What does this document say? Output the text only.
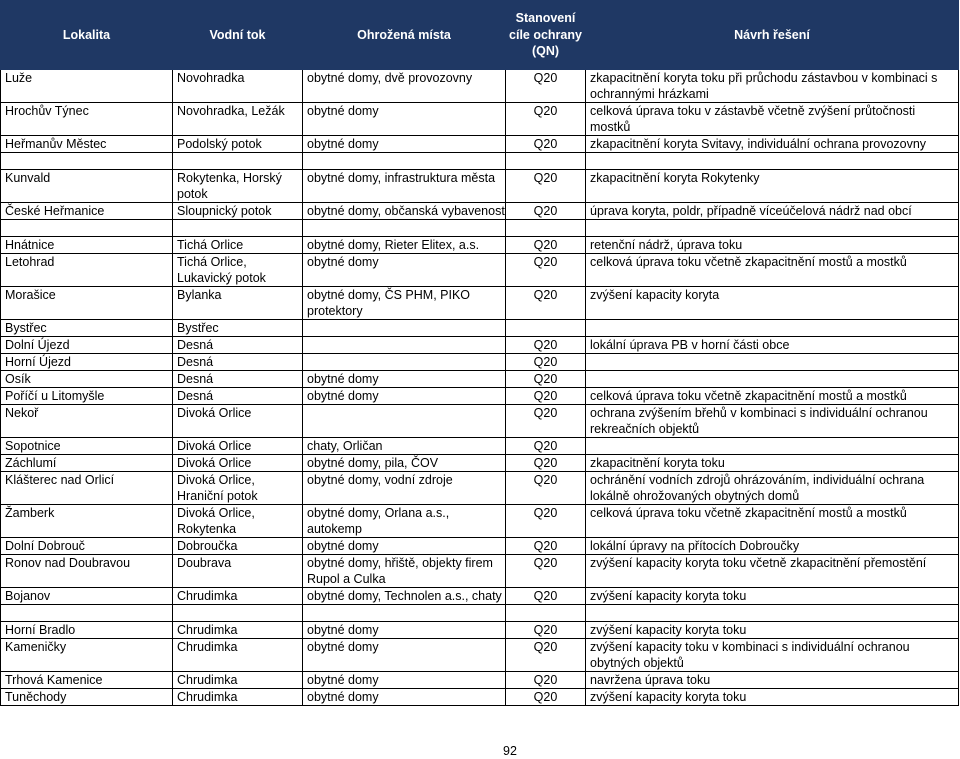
Lokalita	Vodní tok	Ohrožená místa	Stanovení
cíle ochrany
(QN)	Návrh řešení
Luže	Novohradka	obytné domy, dvě provozovny	Q20	zkapacitnění koryta toku při průchodu zástavbou v kombinaci s
ochrannými hrázkami
Hrochův Týnec	Novohradka, Ležák	obytné domy	Q20	celková úprava toku v zástavbě včetně zvýšení průtočnosti
mostků
Heřmanův Městec	Podolský potok	obytné domy	Q20	zkapacitnění koryta Svitavy, individuální ochrana provozovny

Kunvald	Rokytenka, Horský
potok	obytné domy, infrastruktura města	Q20	zkapacitnění koryta Rokytenky
České Heřmanice	Sloupnický potok	obytné domy, občanská vybavenost	Q20	úprava koryta, poldr, případně víceúčelová nádrž nad obcí

Hnátnice	Tichá Orlice	obytné domy, Rieter Elitex, a.s.	Q20	retenční nádrž, úprava toku
Letohrad	Tichá Orlice,
Lukavický potok	obytné domy	Q20	celková úprava toku včetně zkapacitnění mostů a mostků
Morašice	Bylanka	obytné domy, ČS PHM, PIKO
protektory	Q20	zvýšení kapacity koryta
Bystřec	Bystřec			
Dolní Újezd	Desná		Q20	lokální úprava PB v horní části obce
Horní Újezd	Desná		Q20	
Osík	Desná	obytné domy	Q20	
Poříčí u Litomyšle	Desná	obytné domy	Q20	celková úprava toku včetně zkapacitnění mostů a mostků
Nekoř	Divoká Orlice		Q20	ochrana zvýšením břehů v kombinaci s individuální ochranou
rekreačních objektů
Sopotnice	Divoká Orlice	chaty, Orličan	Q20	
Záchlumí	Divoká Orlice	obytné domy, pila, ČOV	Q20	zkapacitnění koryta toku
Klášterec nad Orlicí	Divoká Orlice,
Hraniční potok	obytné domy, vodní zdroje	Q20	ochránění vodních zdrojů ohrázováním, individuální ochrana
lokálně ohrožovaných obytných domů
Žamberk	Divoká Orlice,
Rokytenka	obytné domy, Orlana a.s.,
autokemp	Q20	celková úprava toku včetně zkapacitnění mostů a mostků
Dolní Dobrouč	Dobroučka	obytné domy	Q20	lokální úpravy na přítocích Dobroučky
Ronov nad Doubravou	Doubrava	obytné domy, hřiště, objekty firem
Rupol a Culka	Q20	zvýšení kapacity koryta toku včetně zkapacitnění přemostění
Bojanov	Chrudimka	obytné domy, Technolen a.s., chaty	Q20	zvýšení kapacity koryta toku

Horní Bradlo	Chrudimka	obytné domy	Q20	zvýšení kapacity koryta toku
Kameničky	Chrudimka	obytné domy	Q20	zvýšení kapacity toku v kombinaci s individuální ochranou
obytných objektů
Trhová Kamenice	Chrudimka	obytné domy	Q20	navržena úprava toku
Tuněchody	Chrudimka	obytné domy	Q20	zvýšení kapacity koryta toku
92
